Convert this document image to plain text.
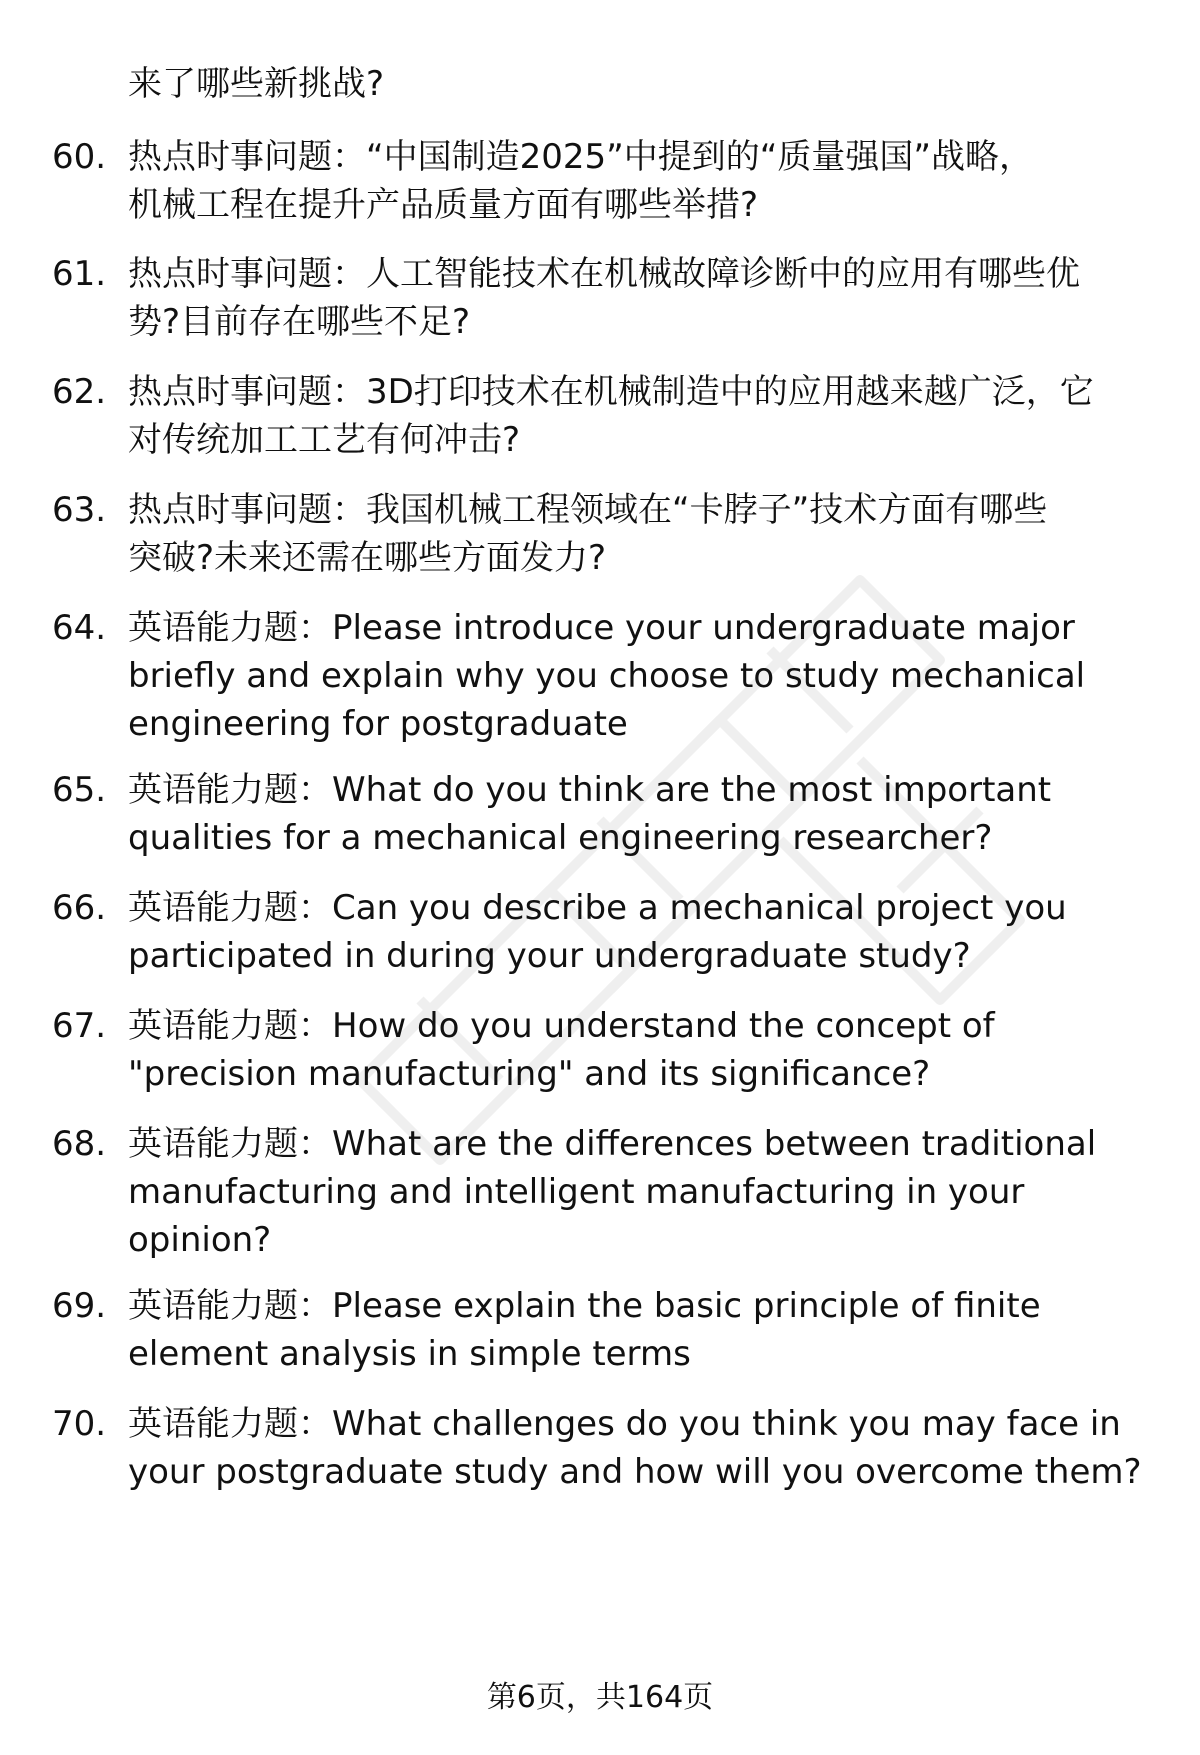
来了哪些新挑战?
60. 热点时事问题：“中国制造2025”中提到的“质量强国”战略，
机械工程在提升产品质量方面有哪些举措?
61. 热点时事问题：人工智能技术在机械故障诊断中的应用有哪些优
势?目前存在哪些不足?
62. 热点时事问题：3D打印技术在机械制造中的应用越来越广泛，它
对传统加工工艺有何冲击?
63. 热点时事问题：我国机械工程领域在“卡脖子”技术方面有哪些
突破?未来还需在哪些方面发力?
64. 英语能力题：Please introduce your undergraduate major
briefly and explain why you choose to study mechanical
engineering for postgraduate
65. 英语能力题：What do you think are the most important
qualities for a mechanical engineering researcher?
66. 英语能力题：Can you describe a mechanical project you
participated in during your undergraduate study?
67. 英语能力题：How do you understand the concept of
"precision manufacturing" and its significance?
68. 英语能力题：What are the differences between traditional
manufacturing and intelligent manufacturing in your
opinion?
69. 英语能力题：Please explain the basic principle of finite
element analysis in simple terms
70. 英语能力题：What challenges do you think you may face in
your postgraduate study and how will you overcome them?
第6页，共164页
